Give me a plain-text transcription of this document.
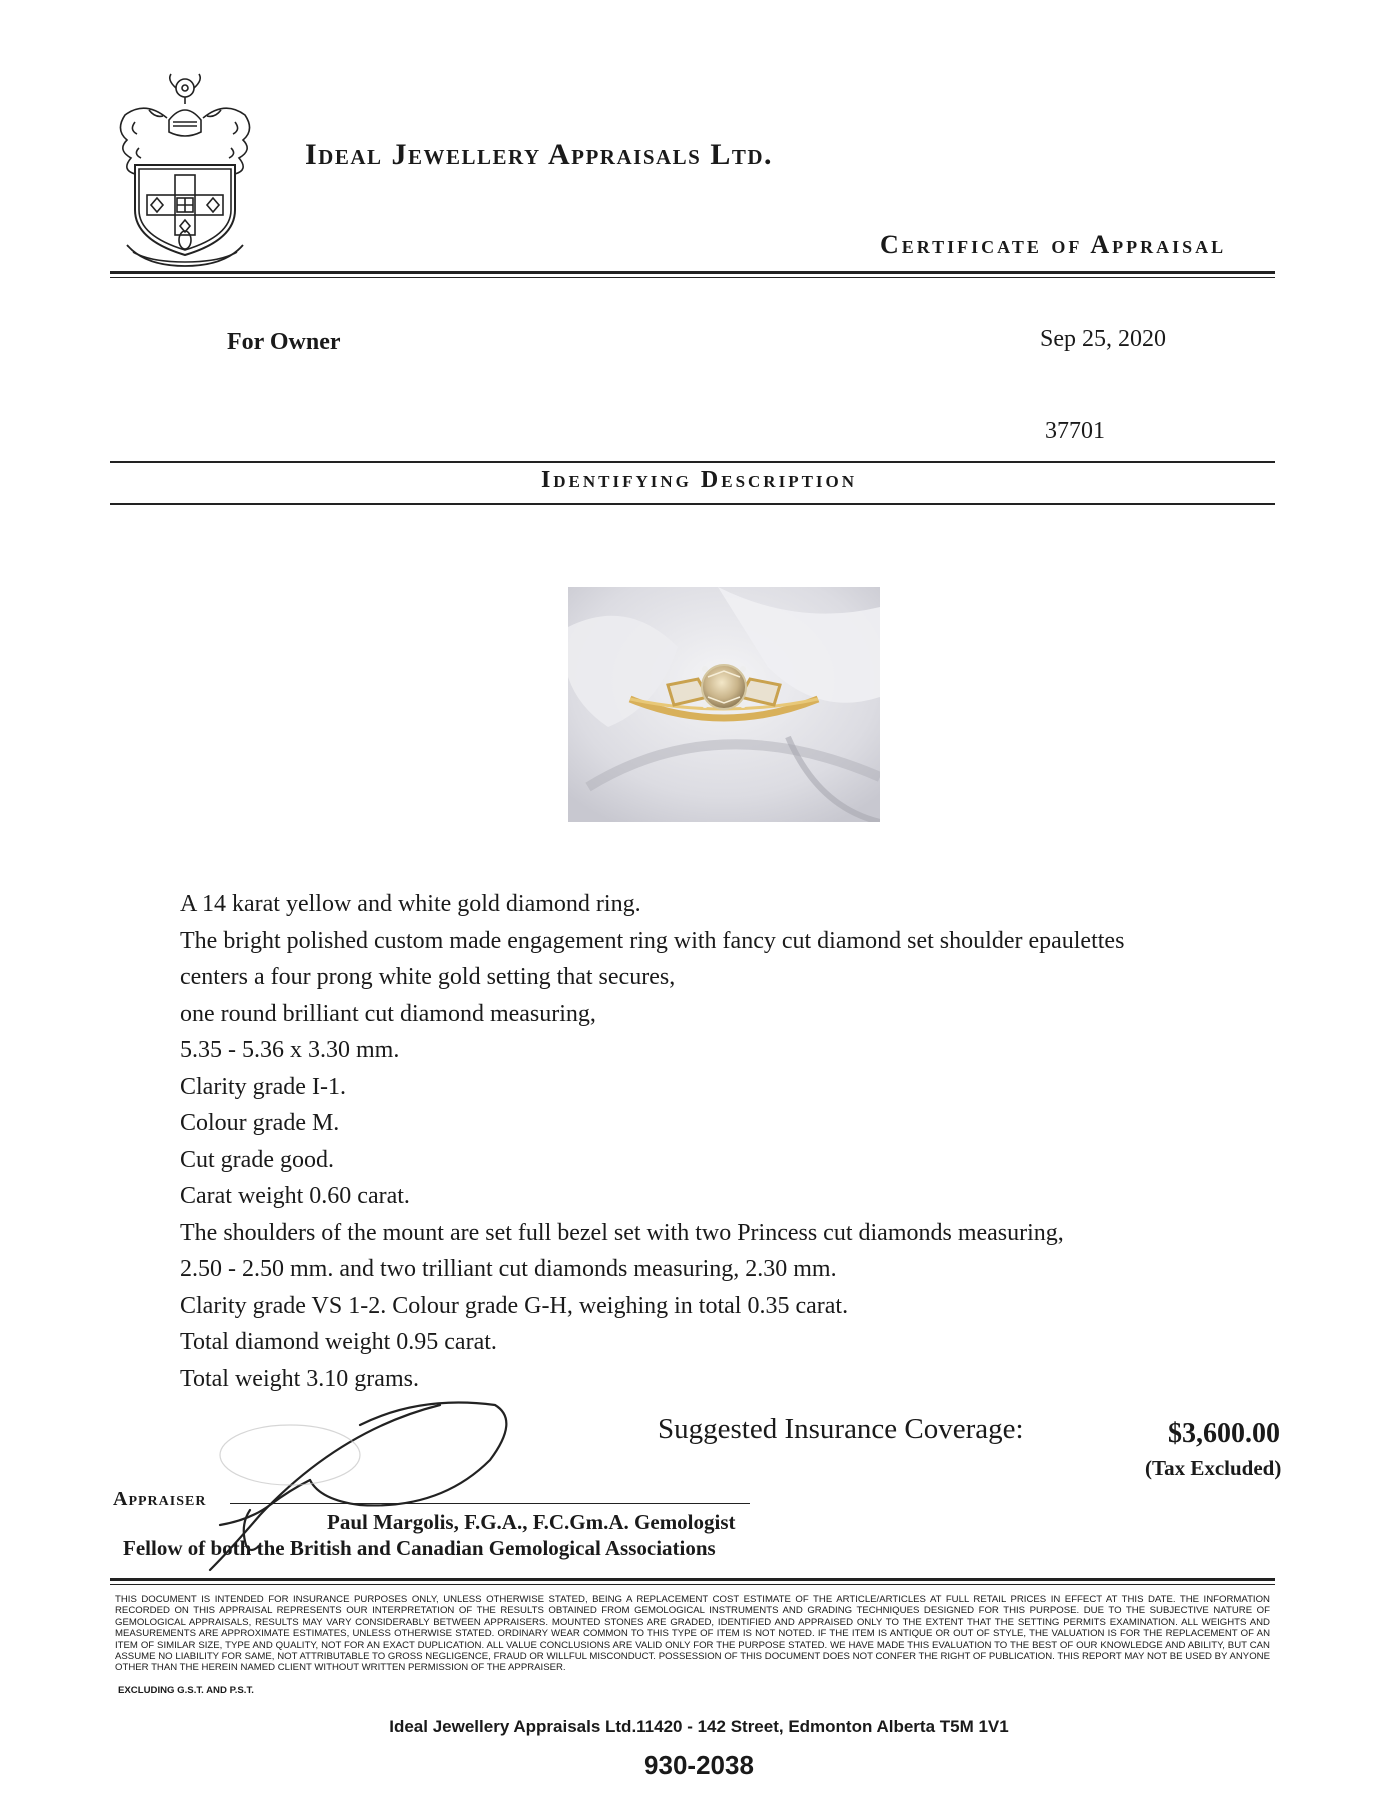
Ideal Jewellery Appraisals Ltd.
Certificate of Appraisal
For Owner	Sep 25, 2020
37701
Identifying Description
A 14 karat yellow and white gold diamond ring.
The bright polished custom made engagement ring with fancy cut diamond set shoulder epaulettes
centers a four prong white gold setting that secures,
one round brilliant cut diamond measuring,
5.35 - 5.36 x 3.30 mm.
Clarity grade I-1.
Colour grade M.
Cut grade good.
Carat weight 0.60 carat.
The shoulders of the mount are set full bezel set with two Princess cut diamonds measuring,
2.50 - 2.50 mm. and two trilliant cut diamonds measuring, 2.30 mm.
Clarity grade VS 1-2. Colour grade G-H, weighing in total 0.35 carat.
Total diamond weight 0.95 carat.
Total weight 3.10 grams.
Suggested Insurance Coverage:	$3,600.00
(Tax Excluded)
Appraiser
Paul Margolis, F.G.A., F.C.Gm.A. Gemologist
Fellow of both the British and Canadian Gemological Associations
THIS DOCUMENT IS INTENDED FOR INSURANCE PURPOSES ONLY, UNLESS OTHERWISE STATED, BEING A REPLACEMENT COST ESTIMATE OF THE ARTICLE/ARTICLES AT FULL RETAIL PRICES IN EFFECT AT THIS DATE. THE INFORMATION RECORDED ON THIS APPRAISAL REPRESENTS OUR INTERPRETATION OF THE RESULTS OBTAINED FROM GEMOLOGICAL INSTRUMENTS AND GRADING TECHNIQUES DESIGNED FOR THIS PURPOSE. DUE TO THE SUBJECTIVE NATURE OF GEMOLOGICAL APPRAISALS, RESULTS MAY VARY CONSIDERABLY BETWEEN APPRAISERS. MOUNTED STONES ARE GRADED, IDENTIFIED AND APPRAISED ONLY TO THE EXTENT THAT THE SETTING PERMITS EXAMINATION. ALL WEIGHTS AND MEASUREMENTS ARE APPROXIMATE ESTIMATES, UNLESS OTHERWISE STATED. ORDINARY WEAR COMMON TO THIS TYPE OF ITEM IS NOT NOTED. IF THE ITEM IS ANTIQUE OR OUT OF STYLE, THE VALUATION IS FOR THE REPLACEMENT OF AN ITEM OF SIMILAR SIZE, TYPE AND QUALITY, NOT FOR AN EXACT DUPLICATION. ALL VALUE CONCLUSIONS ARE VALID ONLY FOR THE PURPOSE STATED. WE HAVE MADE THIS EVALUATION TO THE BEST OF OUR KNOWLEDGE AND ABILITY, BUT CAN ASSUME NO LIABILITY FOR SAME, NOT ATTRIBUTABLE TO GROSS NEGLIGENCE, FRAUD OR WILLFUL MISCONDUCT. POSSESSION OF THIS DOCUMENT DOES NOT CONFER THE RIGHT OF PUBLICATION. THIS REPORT MAY NOT BE USED BY ANYONE OTHER THAN THE HEREIN NAMED CLIENT WITHOUT WRITTEN PERMISSION OF THE APPRAISER.
EXCLUDING G.S.T. AND P.S.T.
Ideal Jewellery Appraisals Ltd.11420 - 142 Street, Edmonton Alberta T5M 1V1
930-2038
